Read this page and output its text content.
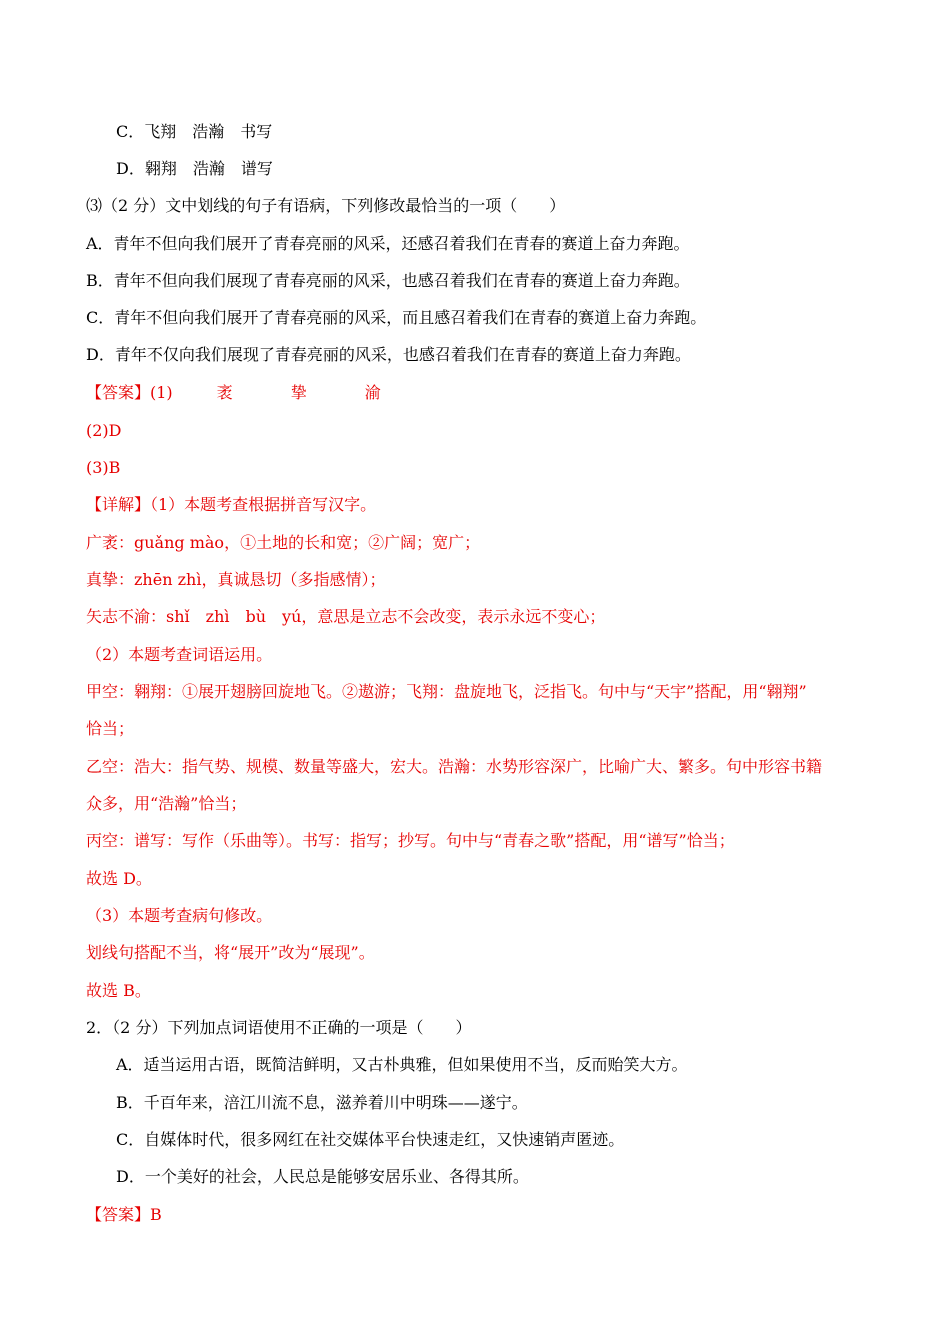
C．飞翔　浩瀚　书写
D．翱翔　浩瀚　谱写
⑶（2 分）文中划线的句子有语病，下列修改最恰当的一项（　　）
A．青年不但向我们展开了青春亮丽的风采，还感召着我们在青春的赛道上奋力奔跑。
B．青年不但向我们展现了青春亮丽的风采，也感召着我们在青春的赛道上奋力奔跑。
C．青年不但向我们展开了青春亮丽的风采，而且感召着我们在青春的赛道上奋力奔跑。
D．青年不仅向我们展现了青春亮丽的风采，也感召着我们在青春的赛道上奋力奔跑。
【答案】(1)	袤	挚	渝
(2)D
(3)B
【详解】（1）本题考查根据拼音写汉字。
广袤：guǎng mào，①土地的长和宽；②广阔；宽广；
真挚：zhēn zhì，真诚恳切（多指感情）；
矢志不渝：shǐ　zhì　bù　yú，意思是立志不会改变，表示永远不变心；
（2）本题考查词语运用。
甲空：翱翔：①展开翅膀回旋地飞。②遨游；飞翔：盘旋地飞，泛指飞。句中与“天宇”搭配，用“翱翔”
恰当；
乙空：浩大：指气势、规模、数量等盛大，宏大。浩瀚：水势形容深广，比喻广大、繁多。句中形容书籍
众多，用“浩瀚”恰当；
丙空：谱写：写作（乐曲等）。书写：指写；抄写。句中与“青春之歌”搭配，用“谱写”恰当；
故选 D。
（3）本题考查病句修改。
划线句搭配不当，将“展开”改为“展现”。
故选 B。
2．（2 分）下列加点词语使用不正确的一项是（　　）
A．适当运用古语，既简洁鲜明，又古朴典雅，但如果使用不当，反而贻笑大方。
B．千百年来，涪江川流不息，滋养着川中明珠——遂宁。
C．自媒体时代，很多网红在社交媒体平台快速走红，又快速销声匿迹。
D．一个美好的社会，人民总是能够安居乐业、各得其所。
【答案】B
